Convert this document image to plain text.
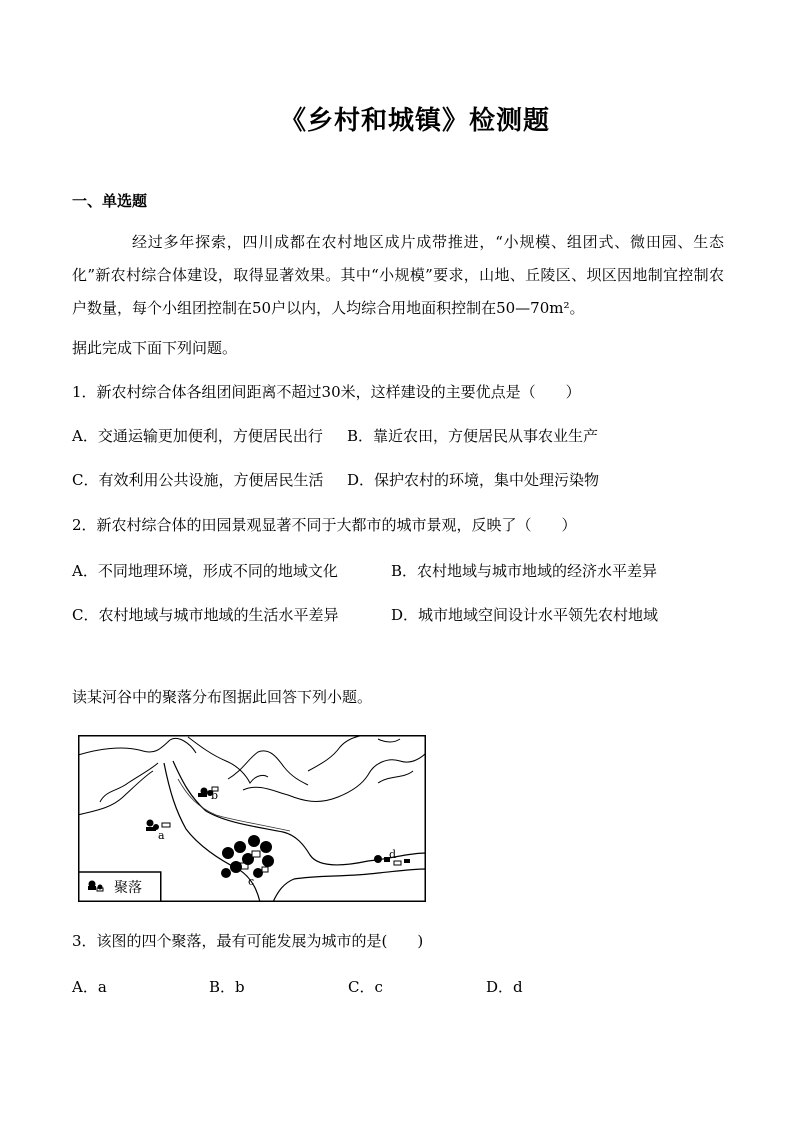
《乡村和城镇》检测题
一、单选题
经过多年探索，四川成都在农村地区成片成带推进，“小规模、组团式、微田园、生态化”新农村综合体建设，取得显著效果。其中“小规模”要求，山地、丘陵区、坝区因地制宜控制农户数量，每个小组团控制在50户以内，人均综合用地面积控制在50—70m²。
据此完成下面下列问题。
1．新农村综合体各组团间距离不超过30米，这样建设的主要优点是（　　）
A．交通运输更加便利，方便居民出行 B．靠近农田，方便居民从事农业生产
C．有效利用公共设施，方便居民生活 D．保护农村的环境，集中处理污染物
2．新农村综合体的田园景观显著不同于大都市的城市景观，反映了（　　）
A．不同地理环境，形成不同的地域文化	B．农村地域与城市地域的经济水平差异
C．农村地域与城市地域的生活水平差异	D．城市地域空间设计水平领先农村地域
读某河谷中的聚落分布图据此回答下列小题。
b
a
c
d
聚落
3．该图的四个聚落，最有可能发展为城市的是(　　)
A．a	B．b	C．c	D．d
